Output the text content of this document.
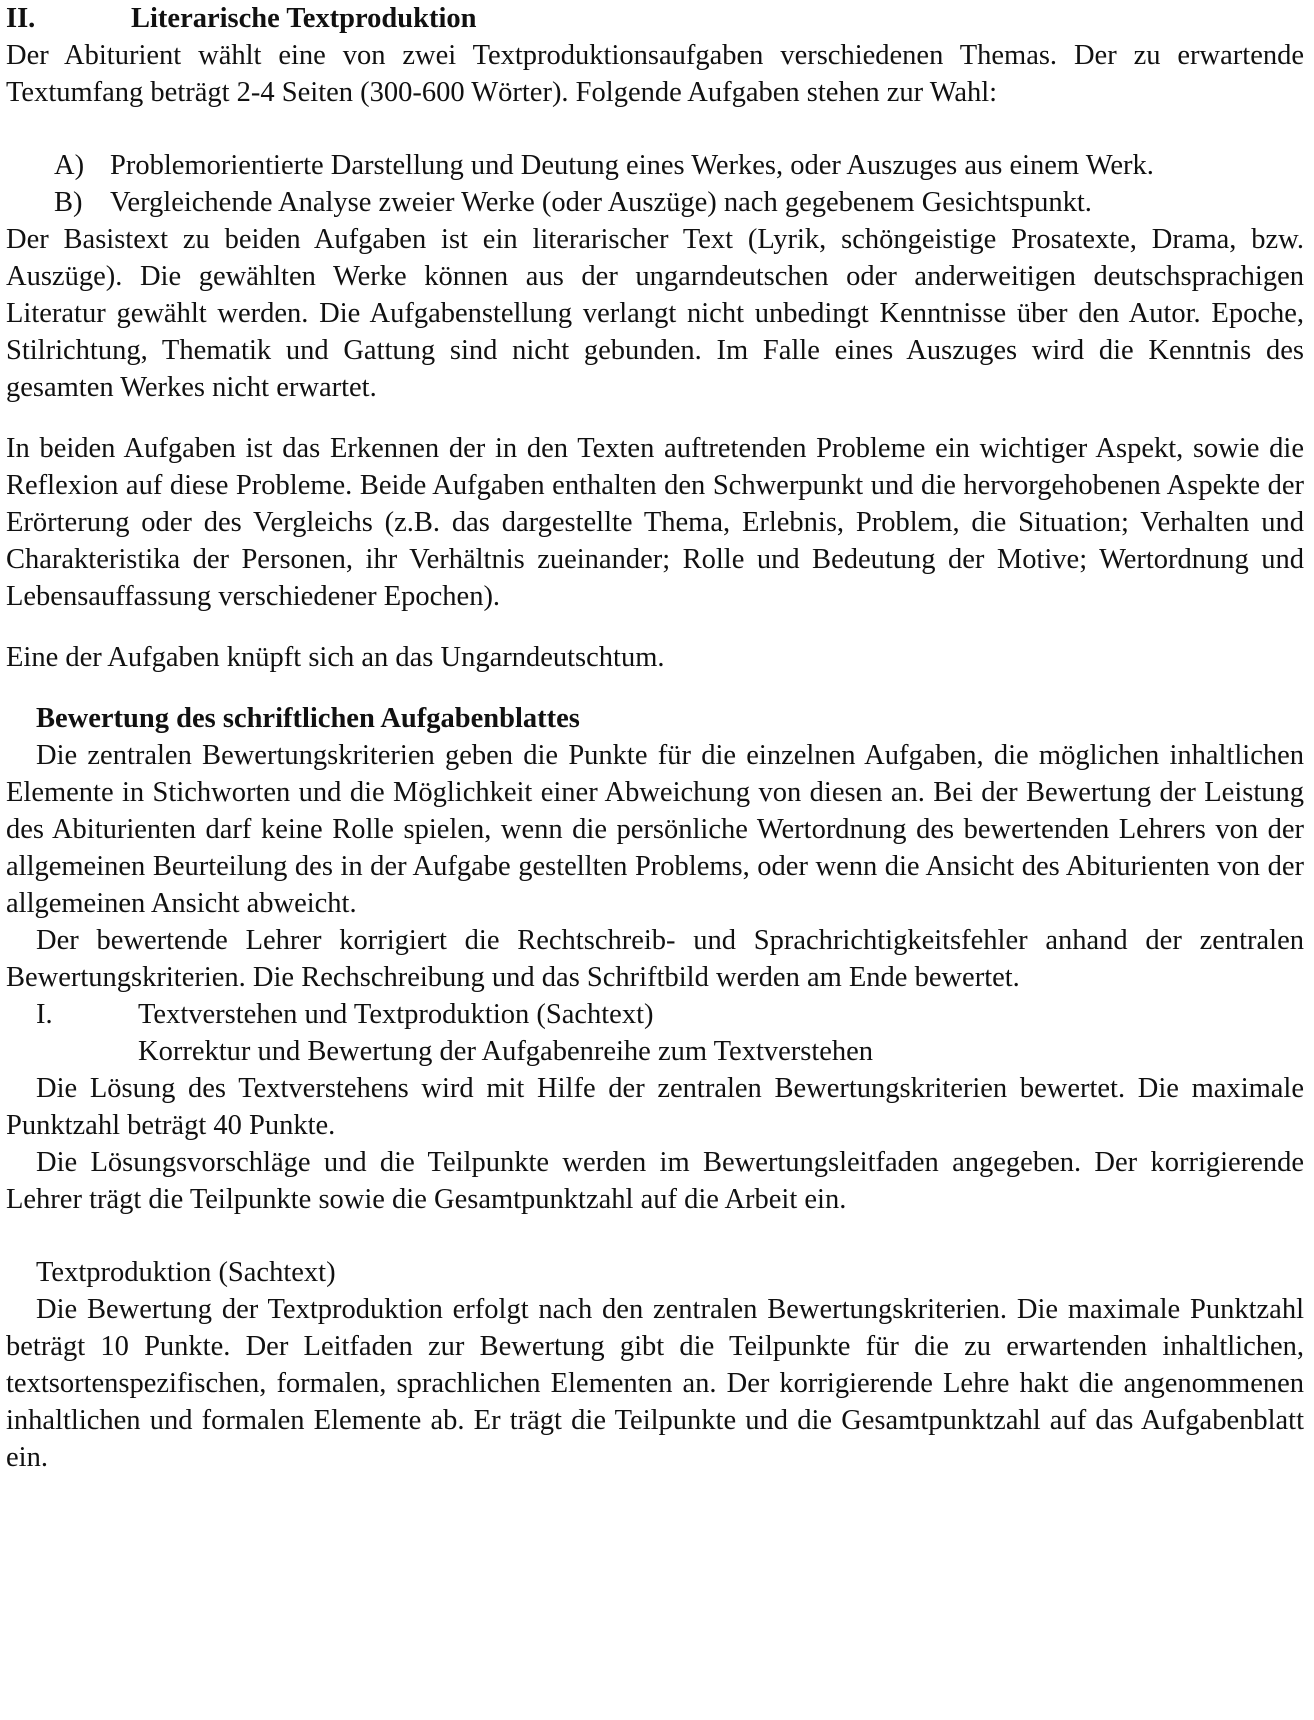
II.	Literarische Textproduktion

Der Abiturient wählt eine von zwei Textproduktionsaufgaben verschiedenen Themas. Der zu erwartende Textumfang beträgt 2-4 Seiten (300-600 Wörter). Folgende Aufgaben stehen zur Wahl:

A) Problemorientierte Darstellung und Deutung eines Werkes, oder Auszuges aus einem Werk.
B) Vergleichende Analyse zweier Werke (oder Auszüge) nach gegebenem Gesichtspunkt.

Der Basistext zu beiden Aufgaben ist ein literarischer Text (Lyrik, schöngeistige Prosatexte, Drama, bzw. Auszüge). Die gewählten Werke können aus der ungarndeutschen oder anderweitigen deutschsprachigen Literatur gewählt werden. Die Aufgabenstellung verlangt nicht unbedingt Kenntnisse über den Autor. Epoche, Stilrichtung, Thematik und Gattung sind nicht gebunden. Im Falle eines Auszuges wird die Kenntnis des gesamten Werkes nicht erwartet.

In beiden Aufgaben ist das Erkennen der in den Texten auftretenden Probleme ein wichtiger Aspekt, sowie die Reflexion auf diese Probleme. Beide Aufgaben enthalten den Schwerpunkt und die hervorgehobenen Aspekte der Erörterung oder des Vergleichs (z.B. das dargestellte Thema, Erlebnis, Problem, die Situation; Verhalten und Charakteristika der Personen, ihr Verhältnis zueinander; Rolle und Bedeutung der Motive; Wertordnung und Lebensauffassung verschiedener Epochen).

Eine der Aufgaben knüpft sich an das Ungarndeutschtum.

Bewertung des schriftlichen Aufgabenblattes

Die zentralen Bewertungskriterien geben die Punkte für die einzelnen Aufgaben, die möglichen inhaltlichen Elemente in Stichworten und die Möglichkeit einer Abweichung von diesen an. Bei der Bewertung der Leistung des Abiturienten darf keine Rolle spielen, wenn die persönliche Wertordnung des bewertenden Lehrers von der allgemeinen Beurteilung des in der Aufgabe gestellten Problems, oder wenn die Ansicht des Abiturienten von der allgemeinen Ansicht abweicht.

Der bewertende Lehrer korrigiert die Rechtschreib- und Sprachrichtigkeitsfehler anhand der zentralen Bewertungskriterien. Die Rechschreibung und das Schriftbild werden am Ende bewertet.

I.	Textverstehen und Textproduktion (Sachtext)

Korrektur und Bewertung der Aufgabenreihe zum Textverstehen

Die Lösung des Textverstehens wird mit Hilfe der zentralen Bewertungskriterien bewertet. Die maximale Punktzahl beträgt 40 Punkte.

Die Lösungsvorschläge und die Teilpunkte werden im Bewertungsleitfaden angegeben. Der korrigierende Lehrer trägt die Teilpunkte sowie die Gesamtpunktzahl auf die Arbeit ein.

Textproduktion (Sachtext)

Die Bewertung der Textproduktion erfolgt nach den zentralen Bewertungskriterien. Die maximale Punktzahl beträgt 10 Punkte. Der Leitfaden zur Bewertung gibt die Teilpunkte für die zu erwartenden inhaltlichen, textsortenspezifischen, formalen, sprachlichen Elementen an. Der korrigierende Lehre hakt die angenommenen inhaltlichen und formalen Elemente ab. Er trägt die Teilpunkte und die Gesamtpunktzahl auf das Aufgabenblatt ein.
